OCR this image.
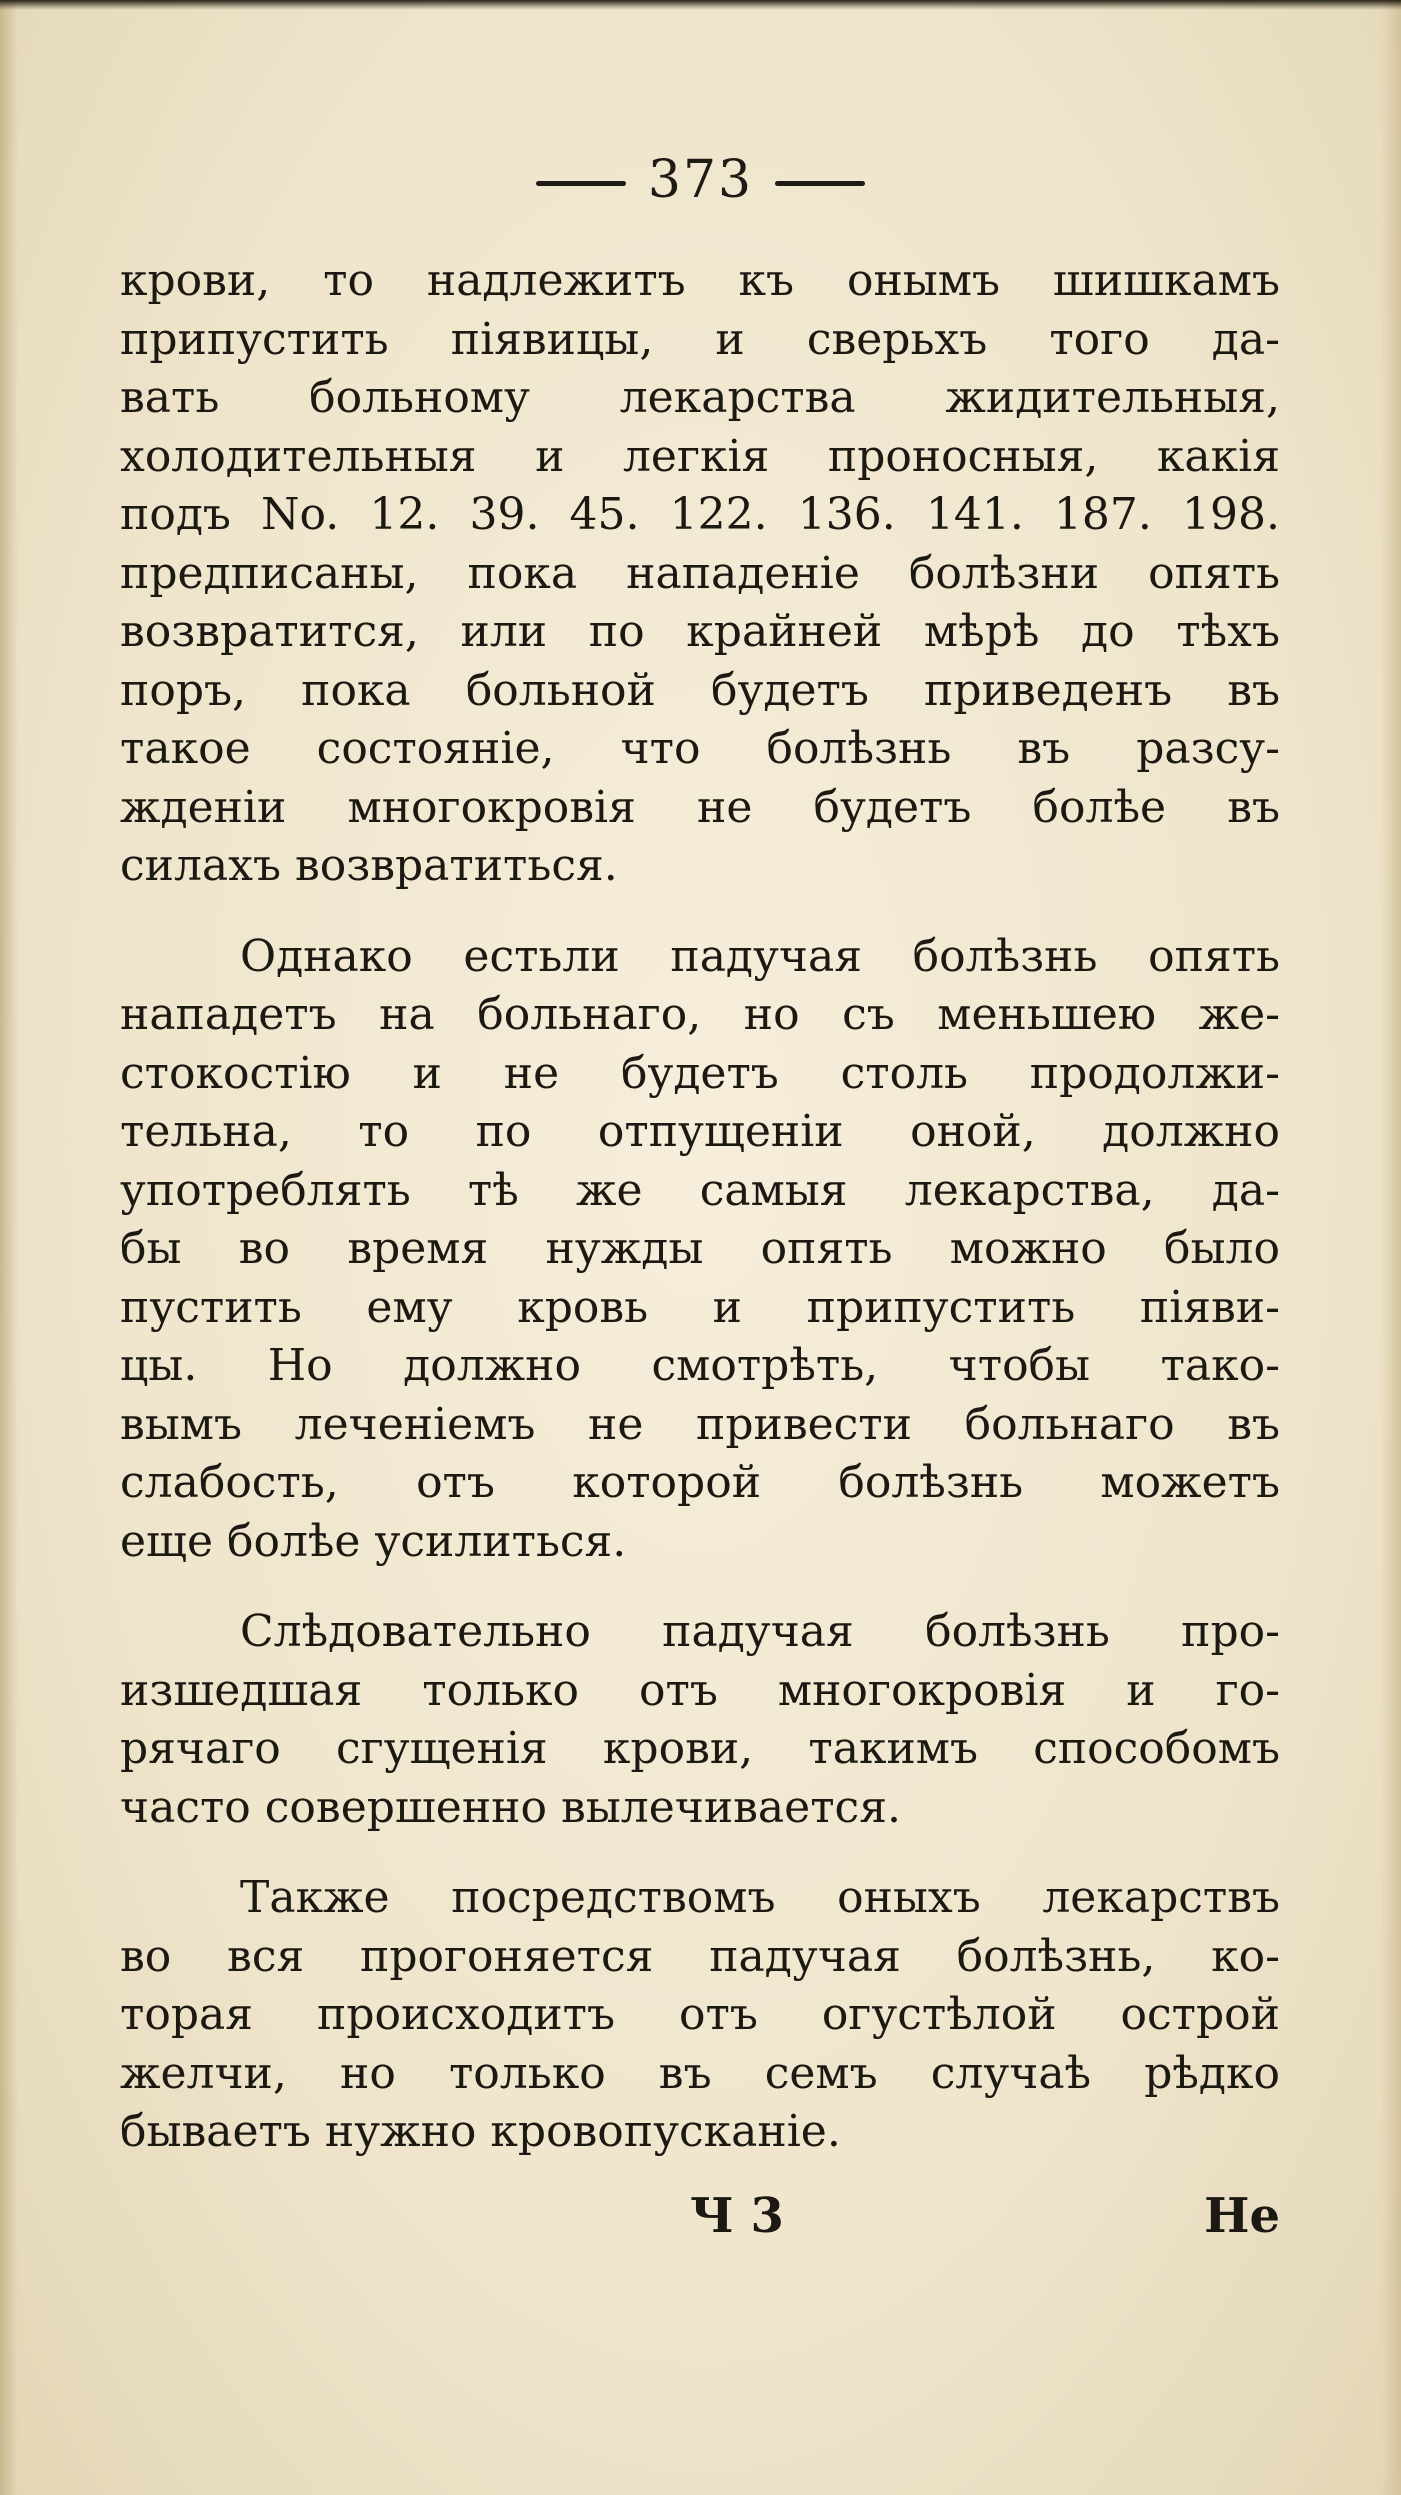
373
крови, то надлежитъ къ онымъ шишкамъ
припустить піявицы, и сверьхъ того да-
вать больному лекарства жидительныя,
холодительныя и легкія проносныя, какія
подъ No. 12. 39. 45. 122. 136. 141. 187. 198.
предписаны, пока нападеніе болѣзни опять
возвратится, или по крайней мѣрѣ до тѣхъ
поръ, пока больной будетъ приведенъ въ
такое состояніе, что болѣзнь въ разсу-
жденіи многокровія не будетъ болѣе въ
силахъ возвратиться.
Однако естьли падучая болѣзнь опять
нападетъ на больнаго, но съ меньшею же-
стокостію и не будетъ столь продолжи-
тельна, то по отпущеніи оной, должно
употреблять тѣ же самыя лекарства, да-
бы во время нужды опять можно было
пустить ему кровь и припустить піяви-
цы. Но должно смотрѣть, чтобы тако-
вымъ леченіемъ не привести больнаго въ
слабость, отъ которой болѣзнь можетъ
еще болѣе усилиться.
Слѣдовательно падучая болѣзнь про-
изшедшая только отъ многокровія и го-
рячаго сгущенія крови, такимъ способомъ
часто совершенно вылечивается.
Также посредствомъ оныхъ лекарствъ
во вся прогоняется падучая болѣзнь, ко-
торая происходитъ отъ огустѣлой острой
желчи, но только въ семъ случаѣ рѣдко
бываетъ нужно кровопусканіе.
Ч 3	Не
